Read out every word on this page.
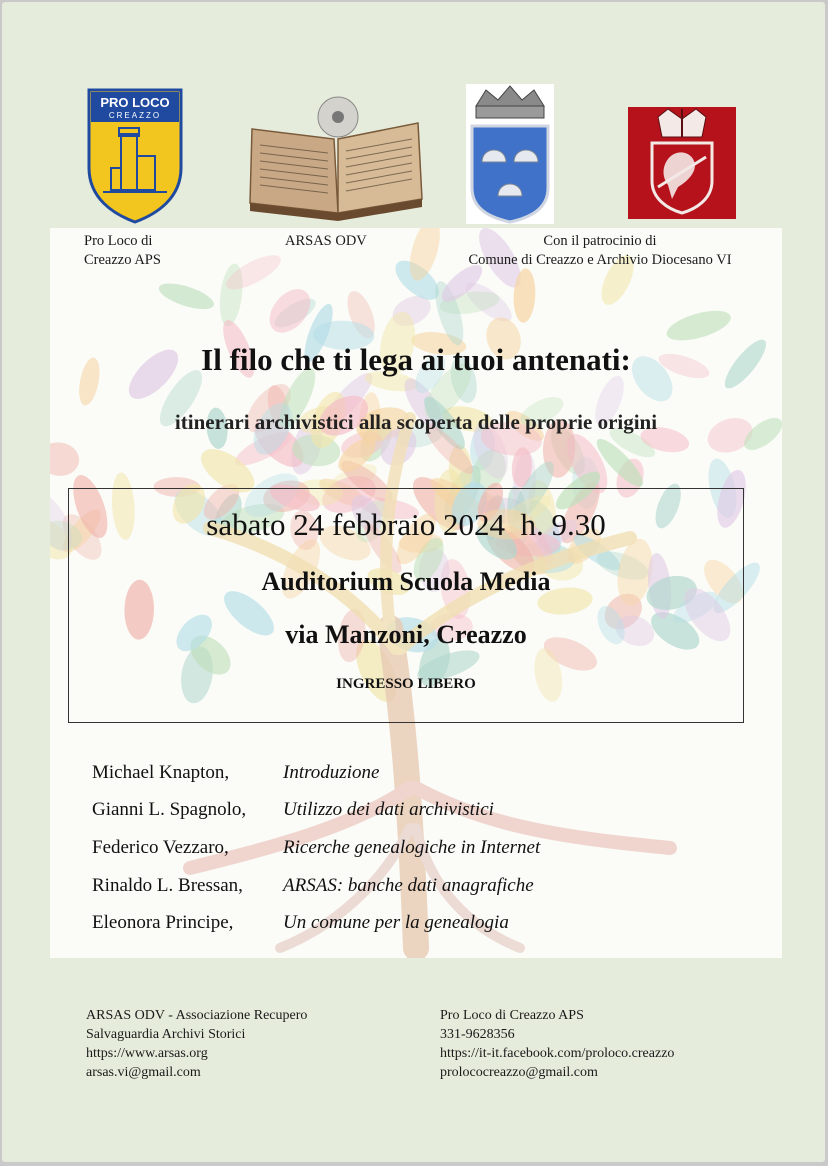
PRO LOCO
CREAZZO
Pro Loco di
Creazzo APS
ARSAS ODV	Con il patrocinio di
Comune di Creazzo e Archivio Diocesano VI
Il filo che ti lega ai tuoi antenati:
itinerari archivistici alla scoperta delle proprie origini
sabato 24 febbraio 2024  h. 9.30
Auditorium Scuola Media
via Manzoni, Creazzo
INGRESSO LIBERO
Michael Knapton,	Introduzione
Gianni L. Spagnolo, Utilizzo dei dati archivistici
Federico Vezzaro,	Ricerche genealogiche in Internet
Rinaldo L. Bressan, ARSAS: banche dati anagrafiche
Eleonora Principe,	Un comune per la genealogia
ARSAS ODV - Associazione Recupero
Salvaguardia Archivi Storici
https://www.arsas.org
arsas.vi@gmail.com
Pro Loco di Creazzo APS
331-9628356
https://it-it.facebook.com/proloco.creazzo
prolococreazzo@gmail.com
